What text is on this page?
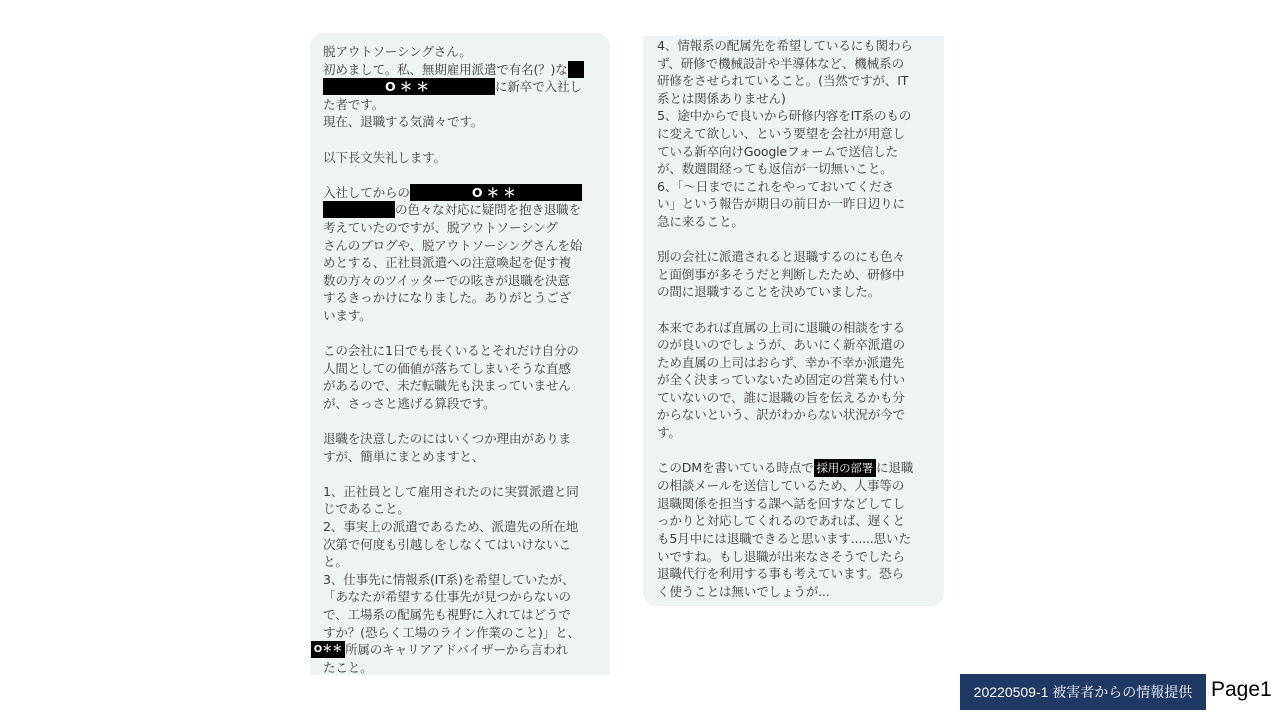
脱アウトソーシングさん。
初めまして。私、無期雇用派遣で有名(？)な
O＊＊	に新卒で入社し
た者です。
現在、退職する気満々です。
以下長文失礼します。
入社してからの	O＊＊
の色々な対応に疑問を抱き退職を
考えていたのですが、脱アウトソーシング
さんのブログや、脱アウトソーシングさんを始
めとする、正社員派遣への注意喚起を促す複
数の方々のツイッターでの呟きが退職を決意
するきっかけになりました。ありがとうござ
います。
この会社に1日でも長くいるとそれだけ自分の
人間としての価値が落ちてしまいそうな直感
があるので、未だ転職先も決まっていません
が、さっさと逃げる算段です。
退職を決意したのにはいくつか理由がありま
すが、簡単にまとめますと、
1、正社員として雇用されたのに実質派遣と同
じであること。
2、事実上の派遣であるため、派遣先の所在地
次第で何度も引越しをしなくてはいけないこ
と。
3、仕事先に情報系(IT系)を希望していたが、
「あなたが希望する仕事先が見つからないの
で、工場系の配属先も視野に入れてはどうで
すか？(恐らく工場のライン作業のこと)」と、
O＊＊ 所属のキャリアアドバイザーから言われ
たこと。
4、情報系の配属先を希望しているにも関わら
ず、研修で機械設計や半導体など、機械系の
研修をさせられていること。(当然ですが、IT
系とは関係ありません)
5、途中からで良いから研修内容をIT系のもの
に変えて欲しい、という要望を会社が用意し
ている新卒向けGoogleフォームで送信した
が、数週間経っても返信が一切無いこと。
6、「～日までにこれをやっておいてくださ
い」という報告が期日の前日か一昨日辺りに
急に来ること。
別の会社に派遣されると退職するのにも色々
と面倒事が多そうだと判断したため、研修中
の間に退職することを決めていました。
本来であれば直属の上司に退職の相談をする
のが良いのでしょうが、あいにく新卒派遣の
ため直属の上司はおらず、幸か不幸か派遣先
が全く決まっていないため固定の営業も付い
ていないので、誰に退職の旨を伝えるかも分
からないという、訳がわからない状況が今で
す。
このDMを書いている時点で 採用の部署 に退職
の相談メールを送信しているため、人事等の
退職関係を担当する課へ話を回すなどしてし
っかりと対応してくれるのであれば、遅くと
も5月中には退職できると思います......思いた
いですね。もし退職が出来なさそうでしたら
退職代行を利用する事も考えています。恐ら
く使うことは無いでしょうが...
20220509-1 被害者からの情報提供 Page1
